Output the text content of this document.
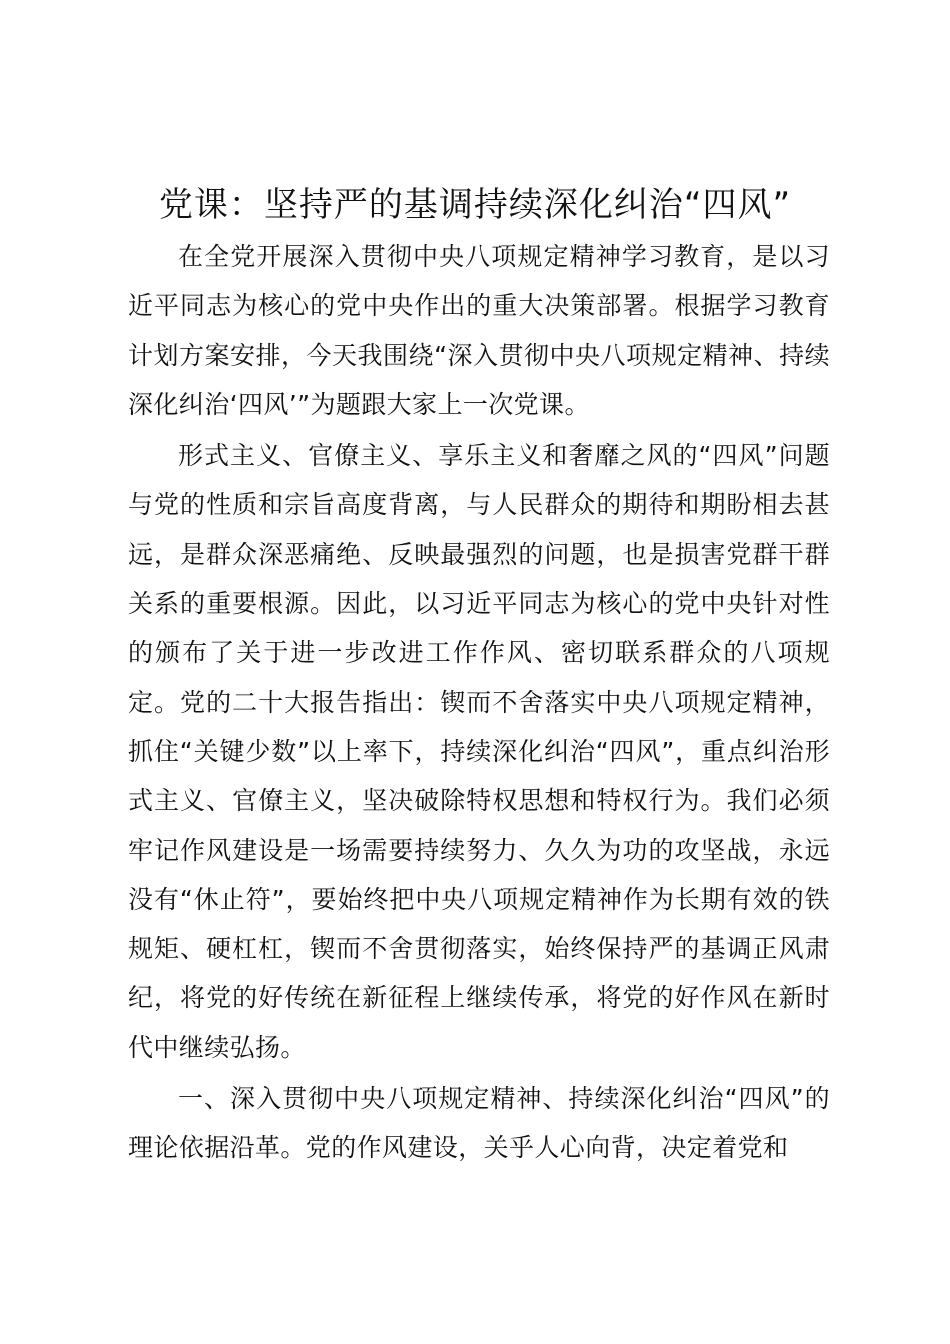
党课：坚持严的基调持续深化纠治“四风”

在全党开展深入贯彻中央八项规定精神学习教育，是以习近平同志为核心的党中央作出的重大决策部署。根据学习教育计划方案安排，今天我围绕“深入贯彻中央八项规定精神、持续深化纠治‘四风’”为题跟大家上一次党课。

形式主义、官僚主义、享乐主义和奢靡之风的“四风”问题与党的性质和宗旨高度背离，与人民群众的期待和期盼相去甚远，是群众深恶痛绝、反映最强烈的问题，也是损害党群干群关系的重要根源。因此，以习近平同志为核心的党中央针对性的颁布了关于进一步改进工作作风、密切联系群众的八项规定。党的二十大报告指出：锲而不舍落实中央八项规定精神，抓住“关键少数”以上率下，持续深化纠治“四风”，重点纠治形式主义、官僚主义，坚决破除特权思想和特权行为。我们必须牢记作风建设是一场需要持续努力、久久为功的攻坚战，永远没有“休止符”，要始终把中央八项规定精神作为长期有效的铁规矩、硬杠杠，锲而不舍贯彻落实，始终保持严的基调正风肃纪，将党的好传统在新征程上继续传承，将党的好作风在新时代中继续弘扬。

一、深入贯彻中央八项规定精神、持续深化纠治“四风”的理论依据沿革。党的作风建设，关乎人心向背，决定着党和
